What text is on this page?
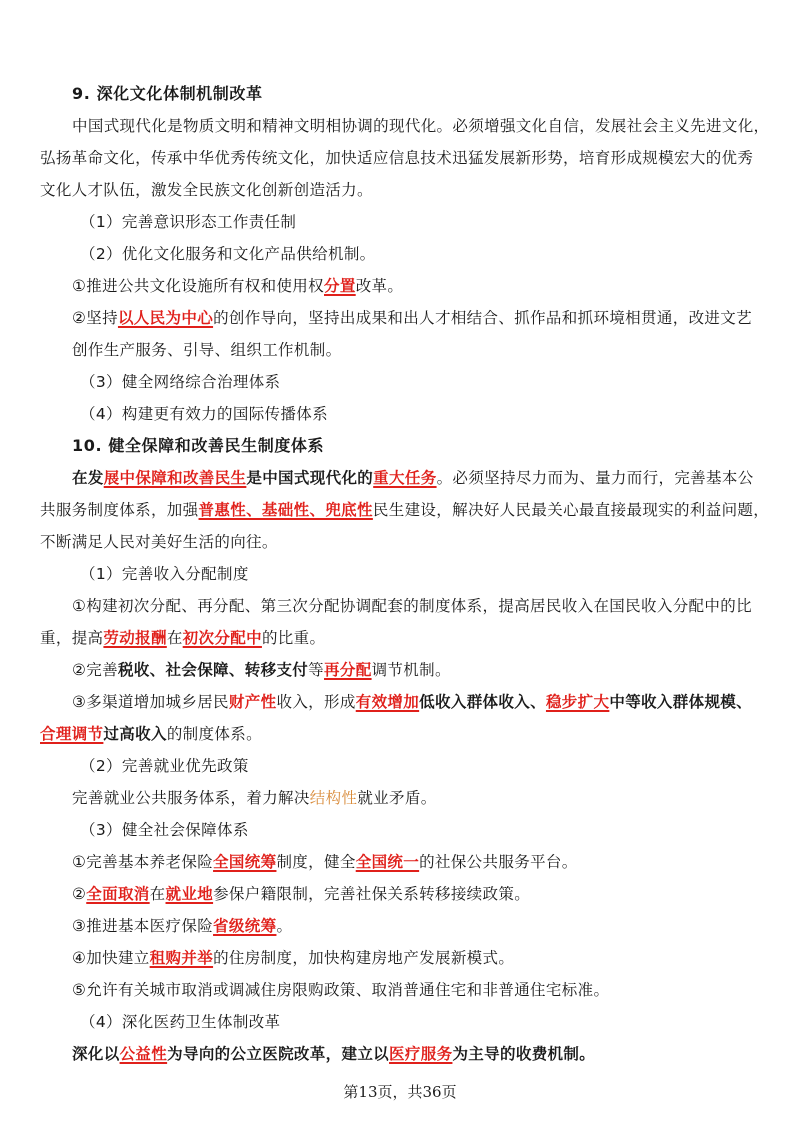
9. 深化文化体制机制改革
中国式现代化是物质文明和精神文明相协调的现代化。必须增强文化自信，发展社会主义先进文化，
弘扬革命文化，传承中华优秀传统文化，加快适应信息技术迅猛发展新形势，培育形成规模宏大的优秀
文化人才队伍，激发全民族文化创新创造活力。
（1）完善意识形态工作责任制
（2）优化文化服务和文化产品供给机制。
①推进公共文化设施所有权和使用权分置改革。
②坚持以人民为中心的创作导向，坚持出成果和出人才相结合、抓作品和抓环境相贯通，改进文艺
创作生产服务、引导、组织工作机制。
（3）健全网络综合治理体系
（4）构建更有效力的国际传播体系
10. 健全保障和改善民生制度体系
在发展中保障和改善民生是中国式现代化的重大任务。必须坚持尽力而为、量力而行，完善基本公
共服务制度体系，加强普惠性、基础性、兜底性民生建设，解决好人民最关心最直接最现实的利益问题，
不断满足人民对美好生活的向往。
（1）完善收入分配制度
①构建初次分配、再分配、第三次分配协调配套的制度体系，提高居民收入在国民收入分配中的比
重，提高劳动报酬在初次分配中的比重。
②完善税收、社会保障、转移支付等再分配调节机制。
③多渠道增加城乡居民财产性收入，形成有效增加低收入群体收入、稳步扩大中等收入群体规模、
合理调节过高收入的制度体系。
（2）完善就业优先政策
完善就业公共服务体系，着力解决结构性就业矛盾。
（3）健全社会保障体系
①完善基本养老保险全国统筹制度，健全全国统一的社保公共服务平台。
②全面取消在就业地参保户籍限制，完善社保关系转移接续政策。
③推进基本医疗保险省级统筹。
④加快建立租购并举的住房制度，加快构建房地产发展新模式。
⑤允许有关城市取消或调减住房限购政策、取消普通住宅和非普通住宅标准。
（4）深化医药卫生体制改革
深化以公益性为导向的公立医院改革，建立以医疗服务为主导的收费机制。
第13页，共36页
